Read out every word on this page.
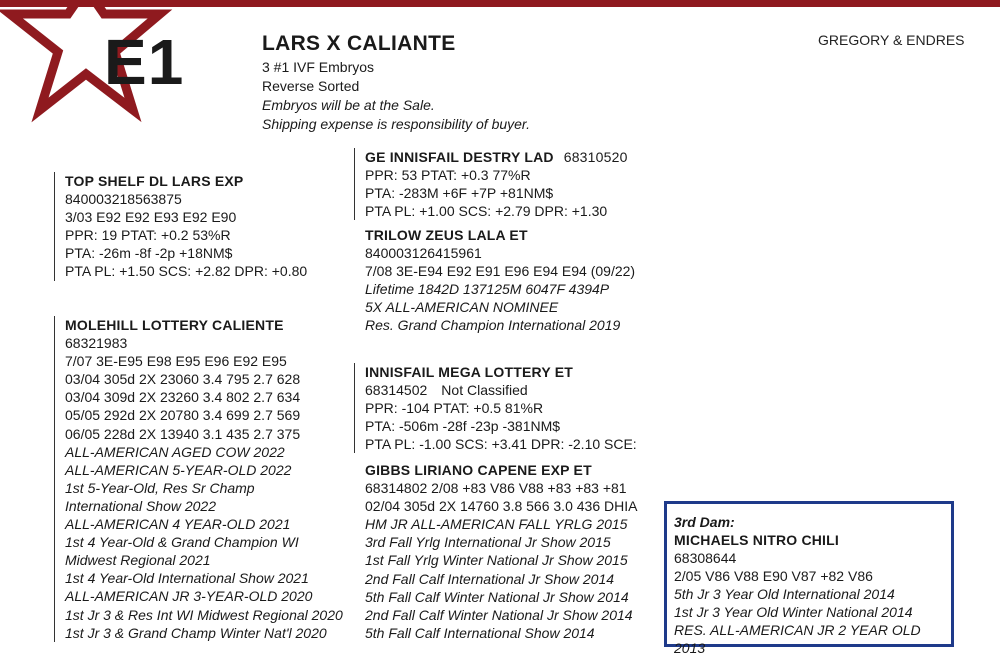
E1	LARS X CALIANTE	GREGORY & ENDRES
3 #1 IVF Embryos
Reverse Sorted
Embryos will be at the Sale.
Shipping expense is responsibility of buyer.
TOP SHELF DL LARS EXP
840003218563875
3/03 E92 E92 E93 E92 E90
PPR: 19 PTAT: +0.2 53%R
PTA: -26m -8f -2p +18NM$
PTA PL: +1.50 SCS: +2.82 DPR: +0.80
MOLEHILL LOTTERY CALIENTE
68321983
7/07 3E-E95 E98 E95 E96 E92 E95
03/04 305d 2X 23060 3.4 795 2.7 628
03/04 309d 2X 23260 3.4 802 2.7 634
05/05 292d 2X 20780 3.4 699 2.7 569
06/05 228d 2X 13940 3.1 435 2.7 375
ALL-AMERICAN AGED COW 2022
ALL-AMERICAN 5-YEAR-OLD 2022
1st 5-Year-Old, Res Sr Champ
International Show 2022
ALL-AMERICAN 4 YEAR-OLD 2021
1st 4 Year-Old & Grand Champion WI
Midwest Regional 2021
1st 4 Year-Old International Show 2021
ALL-AMERICAN JR 3-YEAR-OLD 2020
1st Jr 3 & Res Int WI Midwest Regional 2020
1st Jr 3 & Grand Champ Winter Nat'l 2020
GE INNISFAIL DESTRY LAD 68310520
PPR: 53 PTAT: +0.3 77%R
PTA: -283M +6F +7P +81NM$
PTA PL: +1.00 SCS: +2.79 DPR: +1.30
TRILOW ZEUS LALA ET
840003126415961
7/08 3E-E94 E92 E91 E96 E94 E94 (09/22)
Lifetime 1842D 137125M 6047F 4394P
5X ALL-AMERICAN NOMINEE
Res. Grand Champion International 2019
INNISFAIL MEGA LOTTERY ET
68314502 Not Classified
PPR: -104 PTAT: +0.5 81%R
PTA: -506m -28f -23p -381NM$
PTA PL: -1.00 SCS: +3.41 DPR: -2.10 SCE:
GIBBS LIRIANO CAPENE EXP ET
68314802 2/08 +83 V86 V88 +83 +83 +81
02/04 305d 2X 14760 3.8 566 3.0 436 DHIA
HM JR ALL-AMERICAN FALL YRLG 2015
3rd Fall Yrlg International Jr Show 2015
1st Fall Yrlg Winter National Jr Show 2015
2nd Fall Calf International Jr Show 2014
5th Fall Calf Winter National Jr Show 2014
2nd Fall Calf Winter National Jr Show 2014
5th Fall Calf International Show 2014
3rd Dam:
MICHAELS NITRO CHILI
68308644
2/05 V86 V88 E90 V87 +82 V86
5th Jr 3 Year Old International 2014
1st Jr 3 Year Old Winter National 2014
RES. ALL-AMERICAN JR 2 YEAR OLD 2013
